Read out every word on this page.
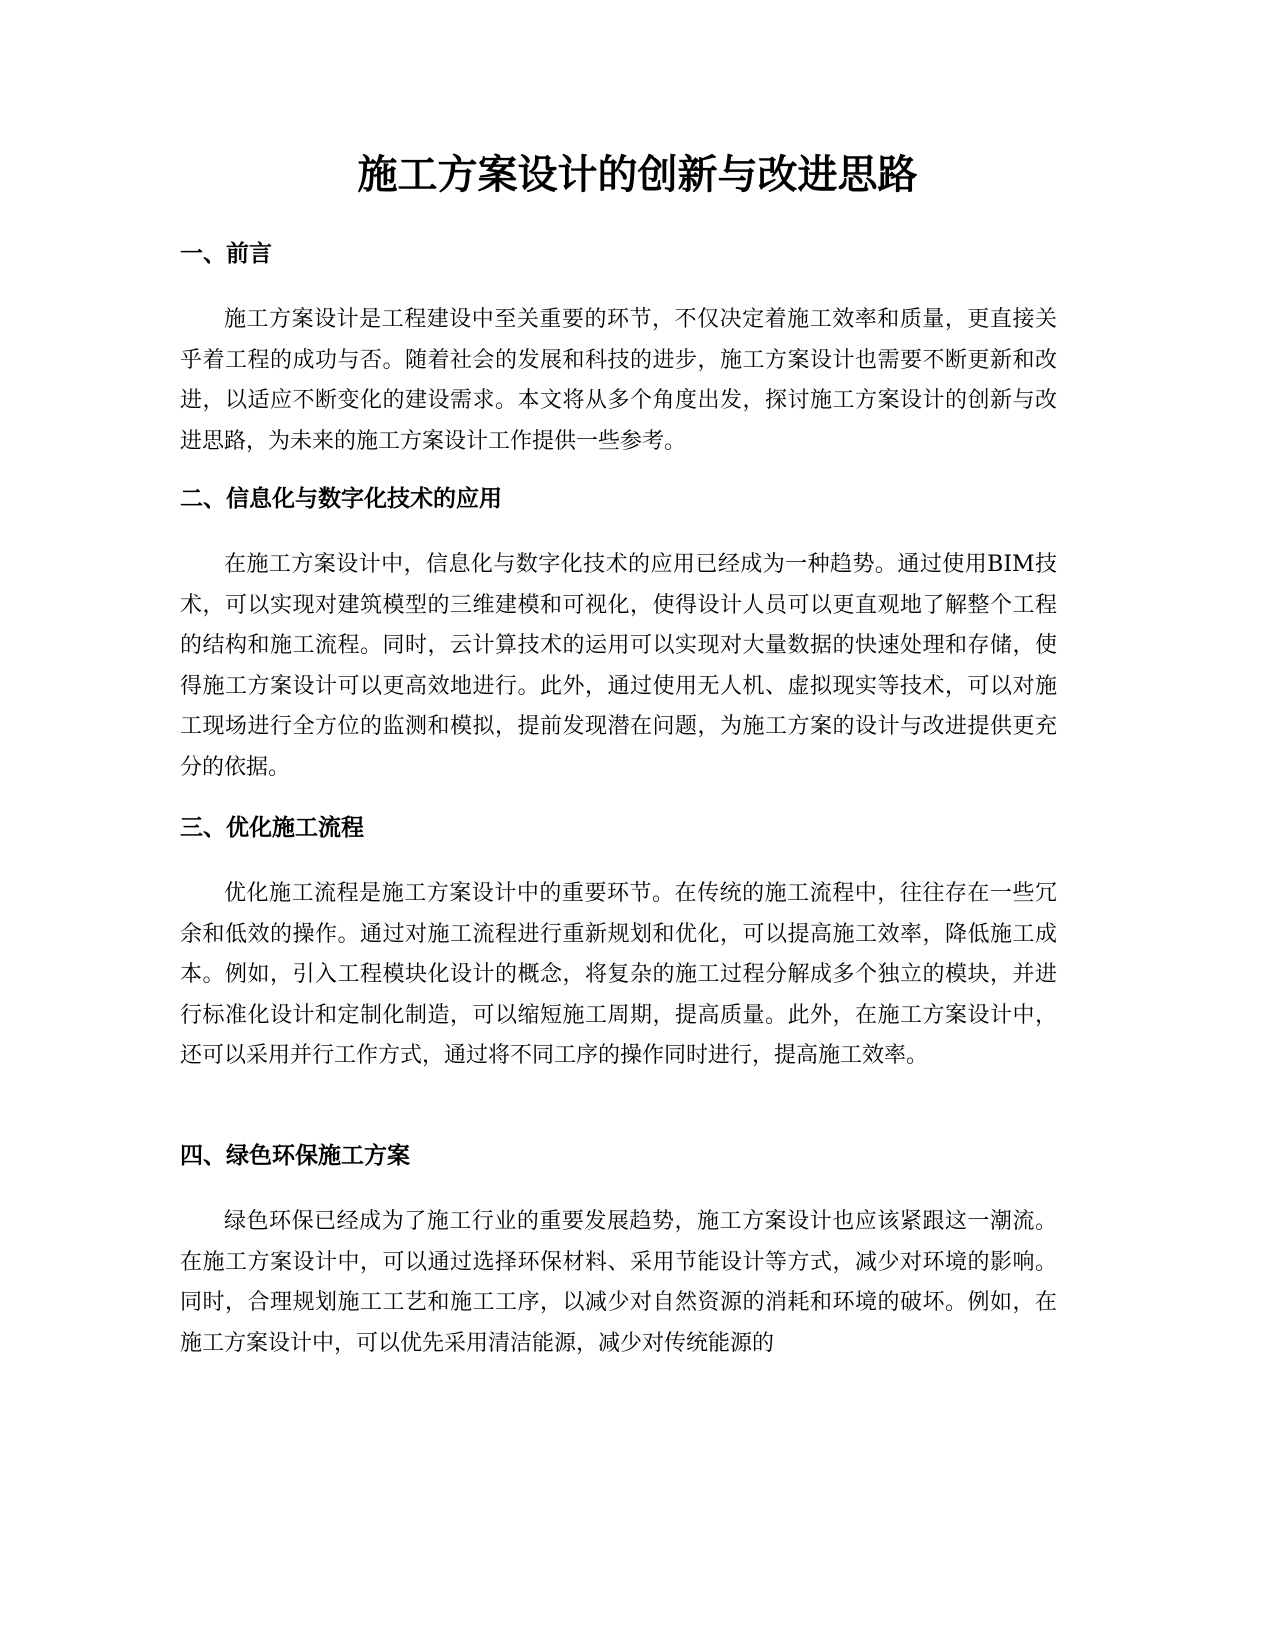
施工方案设计的创新与改进思路
一、前言

施工方案设计是工程建设中至关重要的环节，不仅决定着施工效率和质量，更直接关乎着工程的成功与否。随着社会的发展和科技的进步，施工方案设计也需要不断更新和改进，以适应不断变化的建设需求。本文将从多个角度出发，探讨施工方案设计的创新与改进思路，为未来的施工方案设计工作提供一些参考。

二、信息化与数字化技术的应用

在施工方案设计中，信息化与数字化技术的应用已经成为一种趋势。通过使用BIM技术，可以实现对建筑模型的三维建模和可视化，使得设计人员可以更直观地了解整个工程的结构和施工流程。同时，云计算技术的运用可以实现对大量数据的快速处理和存储，使得施工方案设计可以更高效地进行。此外，通过使用无人机、虚拟现实等技术，可以对施工现场进行全方位的监测和模拟，提前发现潜在问题，为施工方案的设计与改进提供更充分的依据。

三、优化施工流程

优化施工流程是施工方案设计中的重要环节。在传统的施工流程中，往往存在一些冗余和低效的操作。通过对施工流程进行重新规划和优化，可以提高施工效率，降低施工成本。例如，引入工程模块化设计的概念，将复杂的施工过程分解成多个独立的模块，并进行标准化设计和定制化制造，可以缩短施工周期，提高质量。此外，在施工方案设计中，还可以采用并行工作方式，通过将不同工序的操作同时进行，提高施工效率。

四、绿色环保施工方案

绿色环保已经成为了施工行业的重要发展趋势，施工方案设计也应该紧跟这一潮流。在施工方案设计中，可以通过选择环保材料、采用节能设计等方式，减少对环境的影响。同时，合理规划施工工艺和施工工序，以减少对自然资源的消耗和环境的破坏。例如，在施工方案设计中，可以优先采用清洁能源，减少对传统能源的
